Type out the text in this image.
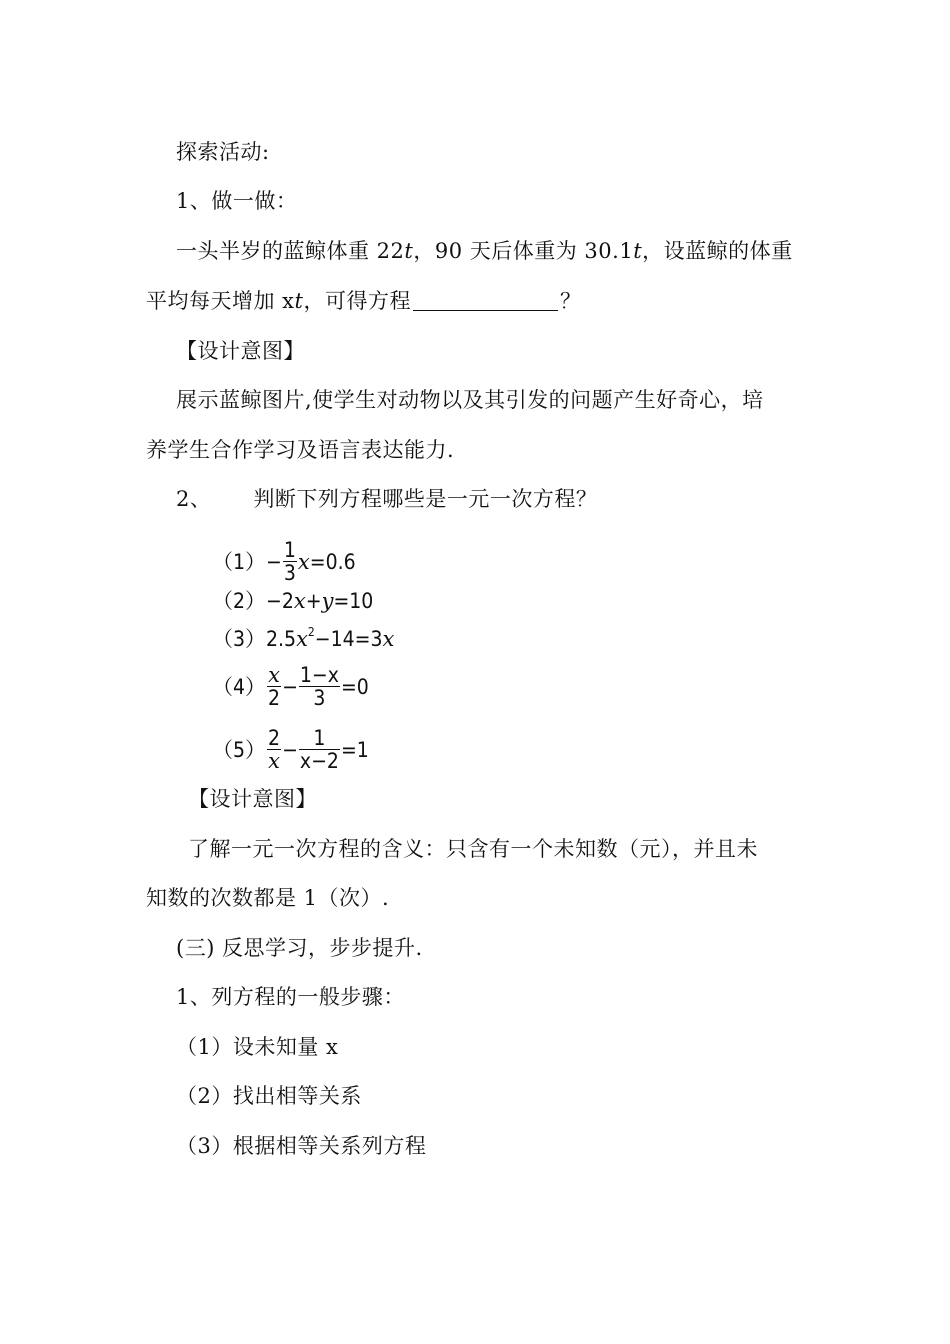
探索活动:
1、做一做：
一头半岁的蓝鲸体重 22t，90 天后体重为 30.1t，设蓝鲸的体重
平均每天增加 xt，可得方程	？
【设计意图】
展示蓝鲸图片,使学生对动物以及其引发的问题产生好奇心，培
养学生合作学习及语言表达能力.
2、 判断下列方程哪些是一元一次方程？
$(1)- \frac{1}{3} x=0.6$
（2）−2x+y=10
$(3)2.5x^2-14=3x$
$(4) \frac{x}{2} - \frac{1-x}{3} =0$
$(5) \frac{2}{x} - \frac{1}{x-2} =1$
【设计意图】
了解一元一次方程的含义：只含有一个未知数（元），并且未
知数的次数都是 1（次）.
(三) 反思学习，步步提升.
1、列方程的一般步骤：
（1）设未知量 x
（2）找出相等关系
（3）根据相等关系列方程
